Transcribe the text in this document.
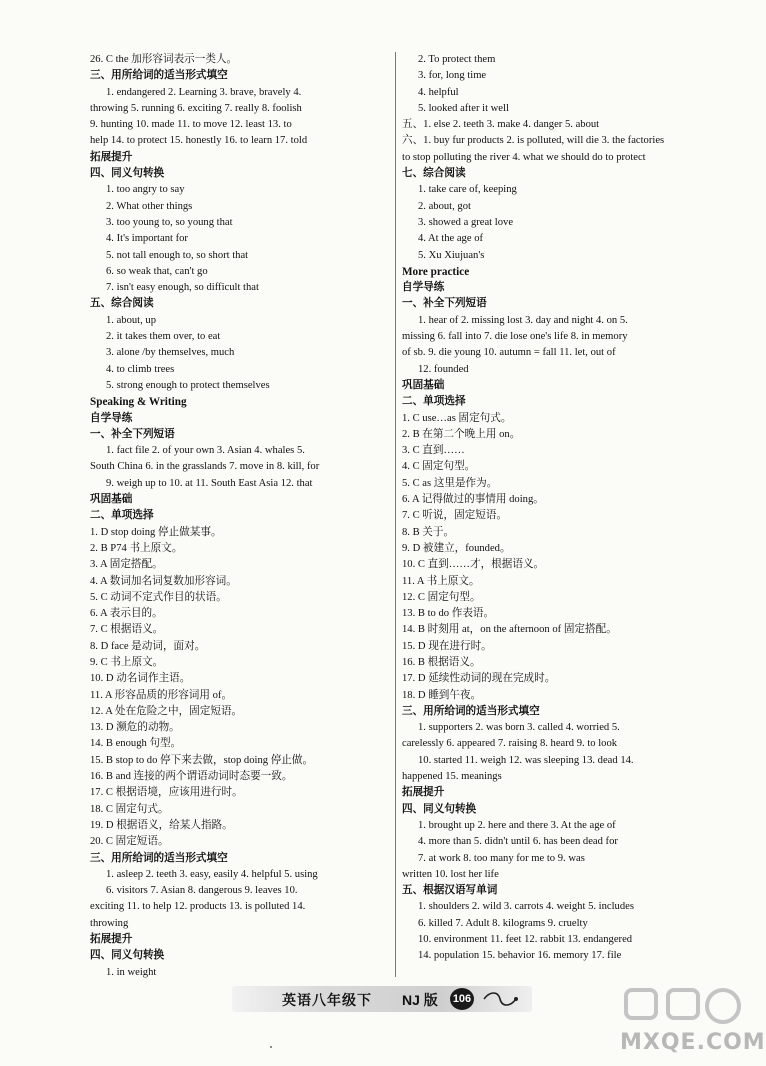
26. C the 加形容词表示一类人。
三、用所给词的适当形式填空
1. endangered 2. Learning 3. brave, bravely 4.
throwing 5. running 6. exciting 7. really 8. foolish
9. hunting 10. made 11. to move 12. least 13. to
help 14. to protect 15. honestly 16. to learn 17. told
拓展提升
四、同义句转换
1. too angry to say
2. What other things
3. too young to, so young that
4. It's important for
5. not tall enough to, so short that
6. so weak that, can't go
7. isn't easy enough, so difficult that
五、综合阅读
1. about, up
2. it takes them over, to eat
3. alone /by themselves, much
4. to climb trees
5. strong enough to protect themselves
Speaking & Writing
自学导练
一、补全下列短语
1. fact file 2. of your own 3. Asian 4. whales 5.
South China 6. in the grasslands 7. move in 8. kill, for
9. weigh up to 10. at 11. South East Asia 12. that
巩固基础
二、单项选择
1. D stop doing 停止做某事。
2. B P74 书上原文。
3. A 固定搭配。
4. A 数词加名词复数加形容词。
5. C 动词不定式作目的状语。
6. A 表示目的。
7. C 根据语义。
8. D face 是动词，面对。
9. C 书上原文。
10. D 动名词作主语。
11. A 形容品质的形容词用 of。
12. A 处在危险之中，固定短语。
13. D 濒危的动物。
14. B enough 句型。
15. B stop to do 停下来去做，stop doing 停止做。
16. B and 连接的两个谓语动词时态要一致。
17. C 根据语境，应该用进行时。
18. C 固定句式。
19. D 根据语义，给某人指路。
20. C 固定短语。
三、用所给词的适当形式填空
1. asleep 2. teeth 3. easy, easily 4. helpful 5. using
6. visitors 7. Asian 8. dangerous 9. leaves 10.
exciting 11. to help 12. products 13. is polluted 14.
throwing
拓展提升
四、同义句转换
1. in weight
2. To protect them
3. for, long time
4. helpful
5. looked after it well
五、1. else 2. teeth 3. make 4. danger 5. about
六、1. buy fur products 2. is polluted, will die 3. the factories
to stop polluting the river 4. what we should do to protect
七、综合阅读
1. take care of, keeping
2. about, got
3. showed a great love
4. At the age of
5. Xu Xiujuan's
More practice
自学导练
一、补全下列短语
1. hear of 2. missing lost 3. day and night 4. on 5.
missing 6. fall into 7. die lose one's life 8. in memory
of sb. 9. die young 10. autumn = fall 11. let, out of
12. founded
巩固基础
二、单项选择
1. C use…as 固定句式。
2. B 在第二个晚上用 on。
3. C 直到……
4. C 固定句型。
5. C as 这里是作为。
6. A 记得做过的事情用 doing。
7. C 听说，固定短语。
8. B 关于。
9. D 被建立，founded。
10. C 直到……才，根据语义。
11. A 书上原文。
12. C 固定句型。
13. B to do 作表语。
14. B 时刻用 at，on the afternoon of 固定搭配。
15. D 现在进行时。
16. B 根据语义。
17. D 延续性动词的现在完成时。
18. D 睡到午夜。
三、用所给词的适当形式填空
1. supporters 2. was born 3. called 4. worried 5.
carelessly 6. appeared 7. raising 8. heard 9. to look
10. started 11. weigh 12. was sleeping 13. dead 14.
happened 15. meanings
拓展提升
四、同义句转换
1. brought up 2. here and there 3. At the age of
4. more than 5. didn't until 6. has been dead for
7. at work 8. too many for me to 9. was
written 10. lost her life
五、根据汉语写单词
1. shoulders 2. wild 3. carrots 4. weight 5. includes
6. killed 7. Adult 8. kilograms 9. cruelty
10. environment 11. feet 12. rabbit 13. endangered
14. population 15. behavior 16. memory 17. file
英语八年级下 NJ 版 106
MXQE.COM
